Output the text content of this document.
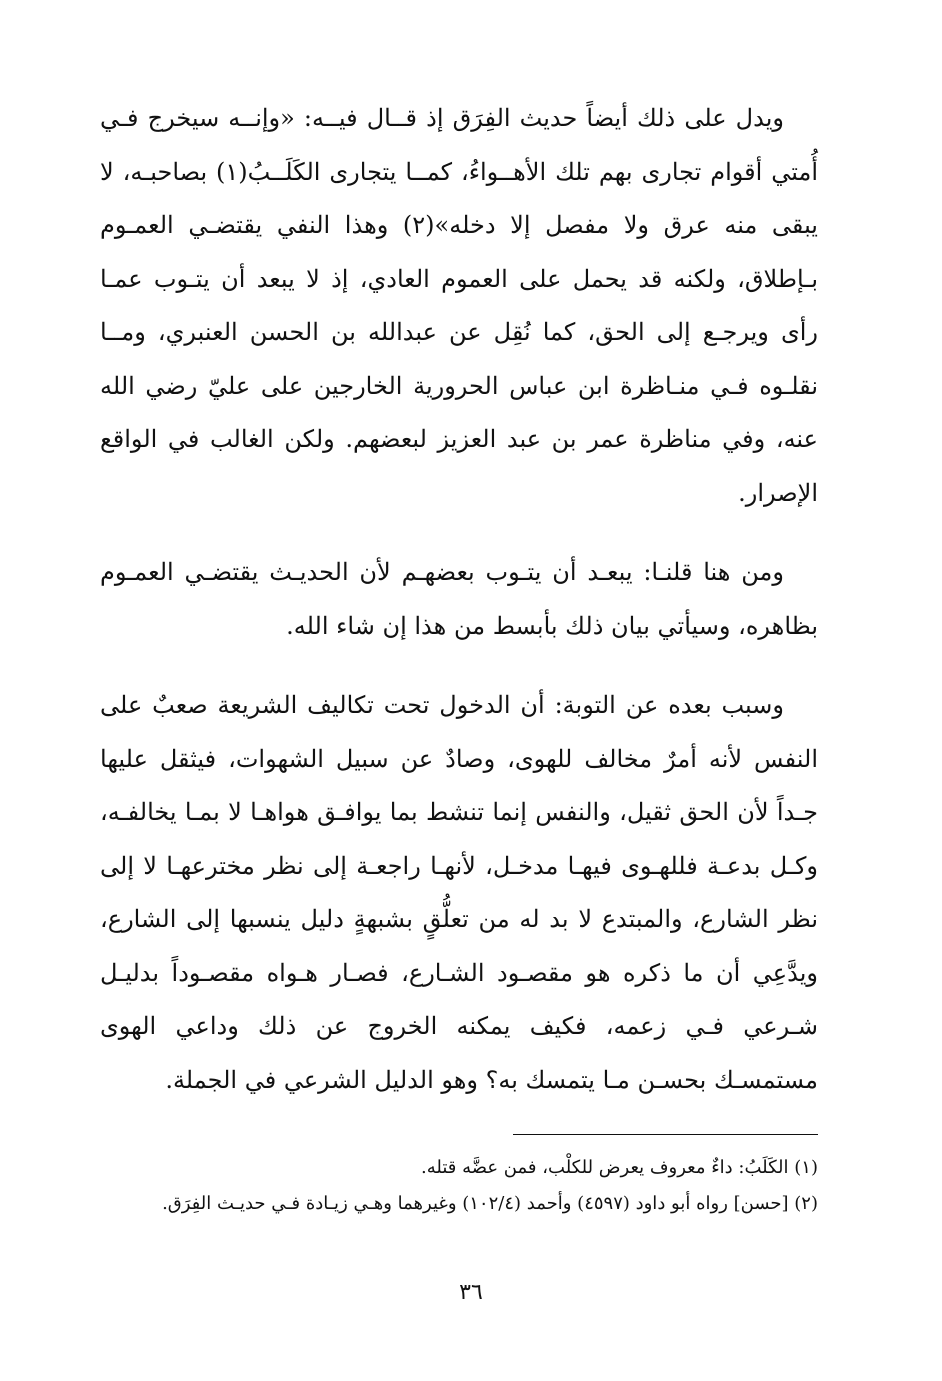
ويدل على ذلك أيضاً حديث الفِرَق إذ قــال فيــه: «وإنــه سيخرج فـي أُمتي أقوام تجارى بهم تلك الأهــواءُ، كمــا يتجارى الكَلَــبُ(١) بصاحبـه، لا يبقى منه عرق ولا مفصل إلا دخله»(٢) وهذا النفي يقتضـي العمـوم بـإطلاق، ولكنه قد يحمل على العموم العادي، إذ لا يبعد أن يتـوب عمـا رأى ويرجـع إلى الحق، كما نُقِل عن عبدالله بن الحسن العنبري، ومــا نقلـوه فـي منـاظرة ابن عباس الحرورية الخارجين على عليّ رضي الله عنه، وفي مناظرة عمر بن عبد العزيز لبعضهم. ولكن الغالب في الواقع الإصرار.

ومن هنا قلنـا: يبعـد أن يتـوب بعضهـم لأن الحديـث يقتضـي العمـوم بظاهره، وسيأتي بيان ذلك بأبسط من هذا إن شاء الله.

وسبب بعده عن التوبة: أن الدخول تحت تكاليف الشريعة صعبٌ على النفس لأنه أمرٌ مخالف للهوى، وصادٌ عن سبيل الشهوات، فيثقل عليها جـداً لأن الحق ثقيل، والنفس إنما تنشط بما يوافـق هواهـا لا بمـا يخالفـه، وكـل بدعـة فللهـوى فيهـا مدخـل، لأنهـا راجعـة إلى نظر مخترعهـا لا إلى نظر الشارع، والمبتدع لا بد له من تعلُّقٍ بشبهةٍ دليل ينسبها إلى الشارع، ويدَّعِي أن ما ذكره هو مقصـود الشـارع، فصـار هـواه مقصـوداً بدليـل شـرعي فـي زعمه، فكيف يمكنه الخروج عن ذلك وداعي الهوى مستمسـك بحسـن مـا يتمسك به؟ وهو الدليل الشرعي في الجملة.

(١) الكَلَبُ: داءٌ معروف يعرض للكلْب، فمن عضَّه قتله.

(٢) [حسن] رواه أبو داود (٤٥٩٧) وأحمد (١٠٢/٤) وغيرهما وهـي زيـادة فـي حديـث الفِرَق.

٣٦
